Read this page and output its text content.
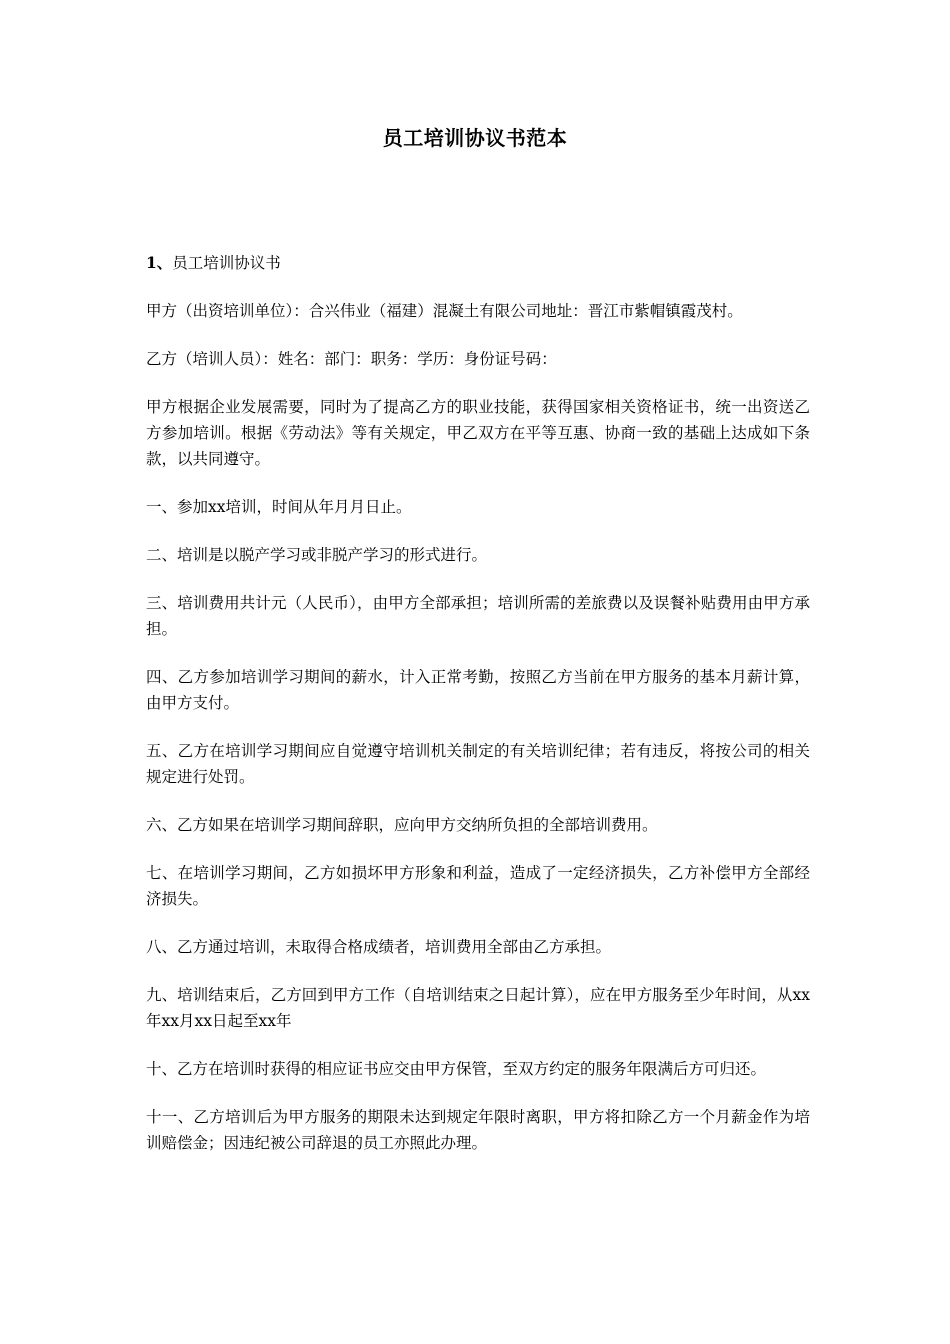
员工培训协议书范本

1、员工培训协议书

甲方（出资培训单位）：合兴伟业（福建）混凝土有限公司地址：晋江市紫帽镇霞茂村。

乙方（培训人员）：姓名：部门：职务：学历：身份证号码：

甲方根据企业发展需要，同时为了提高乙方的职业技能，获得国家相关资格证书，统一出资送乙方参加培训。根据《劳动法》等有关规定，甲乙双方在平等互惠、协商一致的基础上达成如下条款，以共同遵守。

一、参加xx培训，时间从年月月日止。

二、培训是以脱产学习或非脱产学习的形式进行。

三、培训费用共计元（人民币），由甲方全部承担；培训所需的差旅费以及误餐补贴费用由甲方承担。

四、乙方参加培训学习期间的薪水，计入正常考勤，按照乙方当前在甲方服务的基本月薪计算，由甲方支付。

五、乙方在培训学习期间应自觉遵守培训机关制定的有关培训纪律；若有违反，将按公司的相关规定进行处罚。

六、乙方如果在培训学习期间辞职，应向甲方交纳所负担的全部培训费用。

七、在培训学习期间，乙方如损坏甲方形象和利益，造成了一定经济损失，乙方补偿甲方全部经济损失。

八、乙方通过培训，未取得合格成绩者，培训费用全部由乙方承担。

九、培训结束后，乙方回到甲方工作（自培训结束之日起计算），应在甲方服务至少年时间，从xx年xx月xx日起至xx年

十、乙方在培训时获得的相应证书应交由甲方保管，至双方约定的服务年限满后方可归还。

十一、乙方培训后为甲方服务的期限未达到规定年限时离职，甲方将扣除乙方一个月薪金作为培训赔偿金；因违纪被公司辞退的员工亦照此办理。
